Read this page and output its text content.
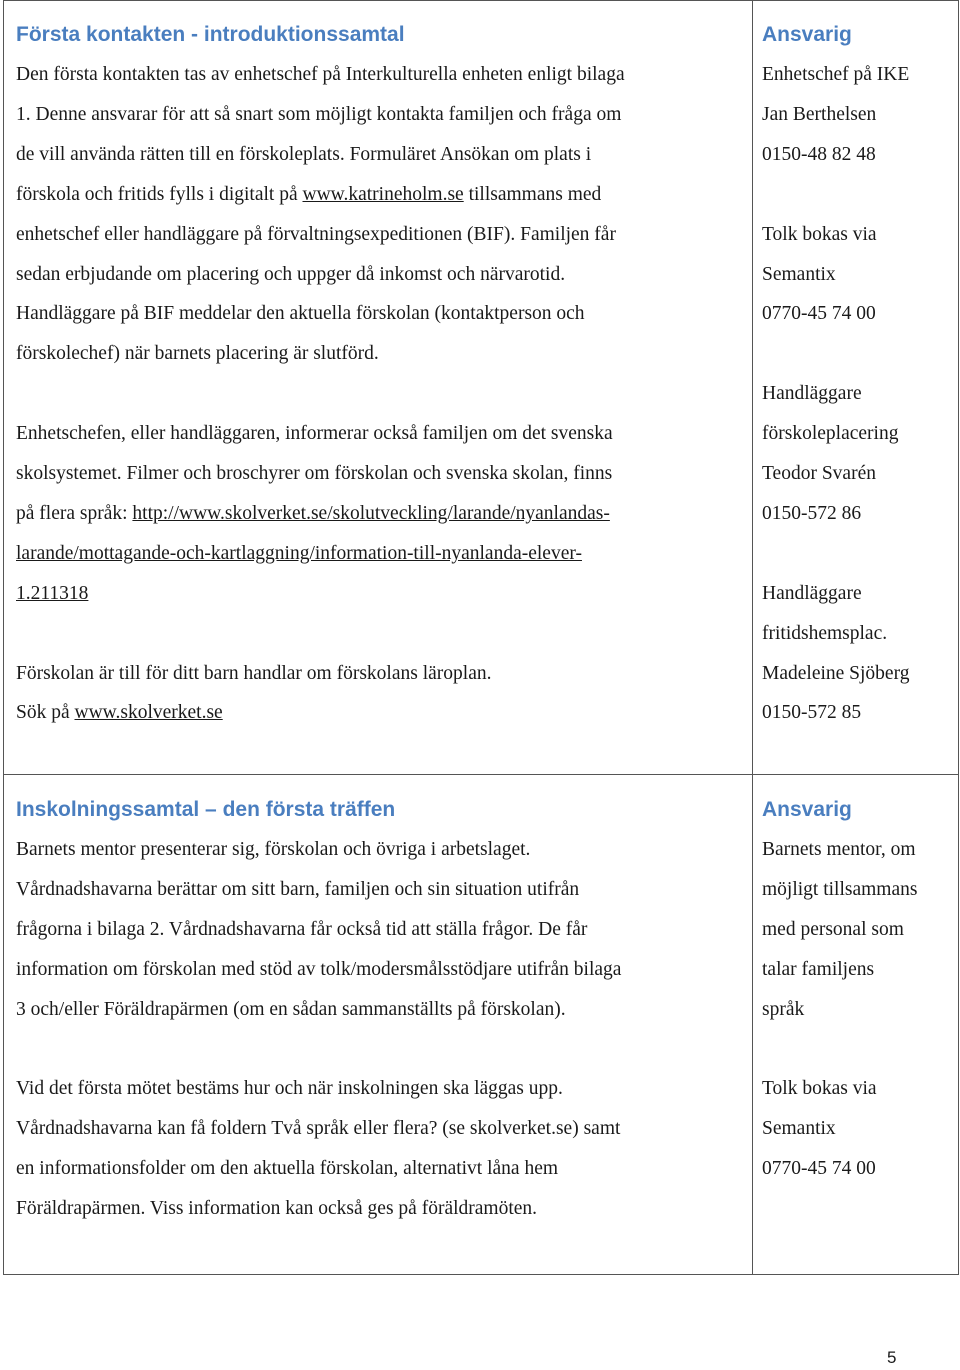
Första kontakten - introduktionssamtal
Den första kontakten tas av enhetschef på Interkulturella enheten enligt bilaga
1. Denne ansvarar för att så snart som möjligt kontakta familjen och fråga om
de vill använda rätten till en förskoleplats. Formuläret Ansökan om plats i
förskola och fritids fylls i digitalt på www.katrineholm.se tillsammans med
enhetschef eller handläggare på förvaltningsexpeditionen (BIF). Familjen får
sedan erbjudande om placering och uppger då inkomst och närvarotid.
Handläggare på BIF meddelar den aktuella förskolan (kontaktperson och
förskolechef) när barnets placering är slutförd.
Enhetschefen, eller handläggaren, informerar också familjen om det svenska
skolsystemet. Filmer och broschyrer om förskolan och svenska skolan, finns
på flera språk: http://www.skolverket.se/skolutveckling/larande/nyanlandas-
larande/mottagande-och-kartlaggning/information-till-nyanlanda-elever-
1.211318
Förskolan är till för ditt barn handlar om förskolans läroplan.
Sök på www.skolverket.se
Ansvarig
Enhetschef på IKE
Jan Berthelsen
0150-48 82 48
Tolk bokas via
Semantix
0770-45 74 00
Handläggare
förskoleplacering
Teodor Svarén
0150-572 86
Handläggare
fritidshemsplac.
Madeleine Sjöberg
0150-572 85
Inskolningssamtal – den första träffen
Barnets mentor presenterar sig, förskolan och övriga i arbetslaget.
Vårdnadshavarna berättar om sitt barn, familjen och sin situation utifrån
frågorna i bilaga 2. Vårdnadshavarna får också tid att ställa frågor. De får
information om förskolan med stöd av tolk/modersmålsstödjare utifrån bilaga
3 och/eller Föräldrapärmen (om en sådan sammanställts på förskolan).
Vid det första mötet bestäms hur och när inskolningen ska läggas upp.
Vårdnadshavarna kan få foldern Två språk eller flera? (se skolverket.se) samt
en informationsfolder om den aktuella förskolan, alternativt låna hem
Föräldrapärmen. Viss information kan också ges på föräldramöten.
Ansvarig
Barnets mentor, om
möjligt tillsammans
med personal som
talar familjens
språk
Tolk bokas via
Semantix
0770-45 74 00
5
